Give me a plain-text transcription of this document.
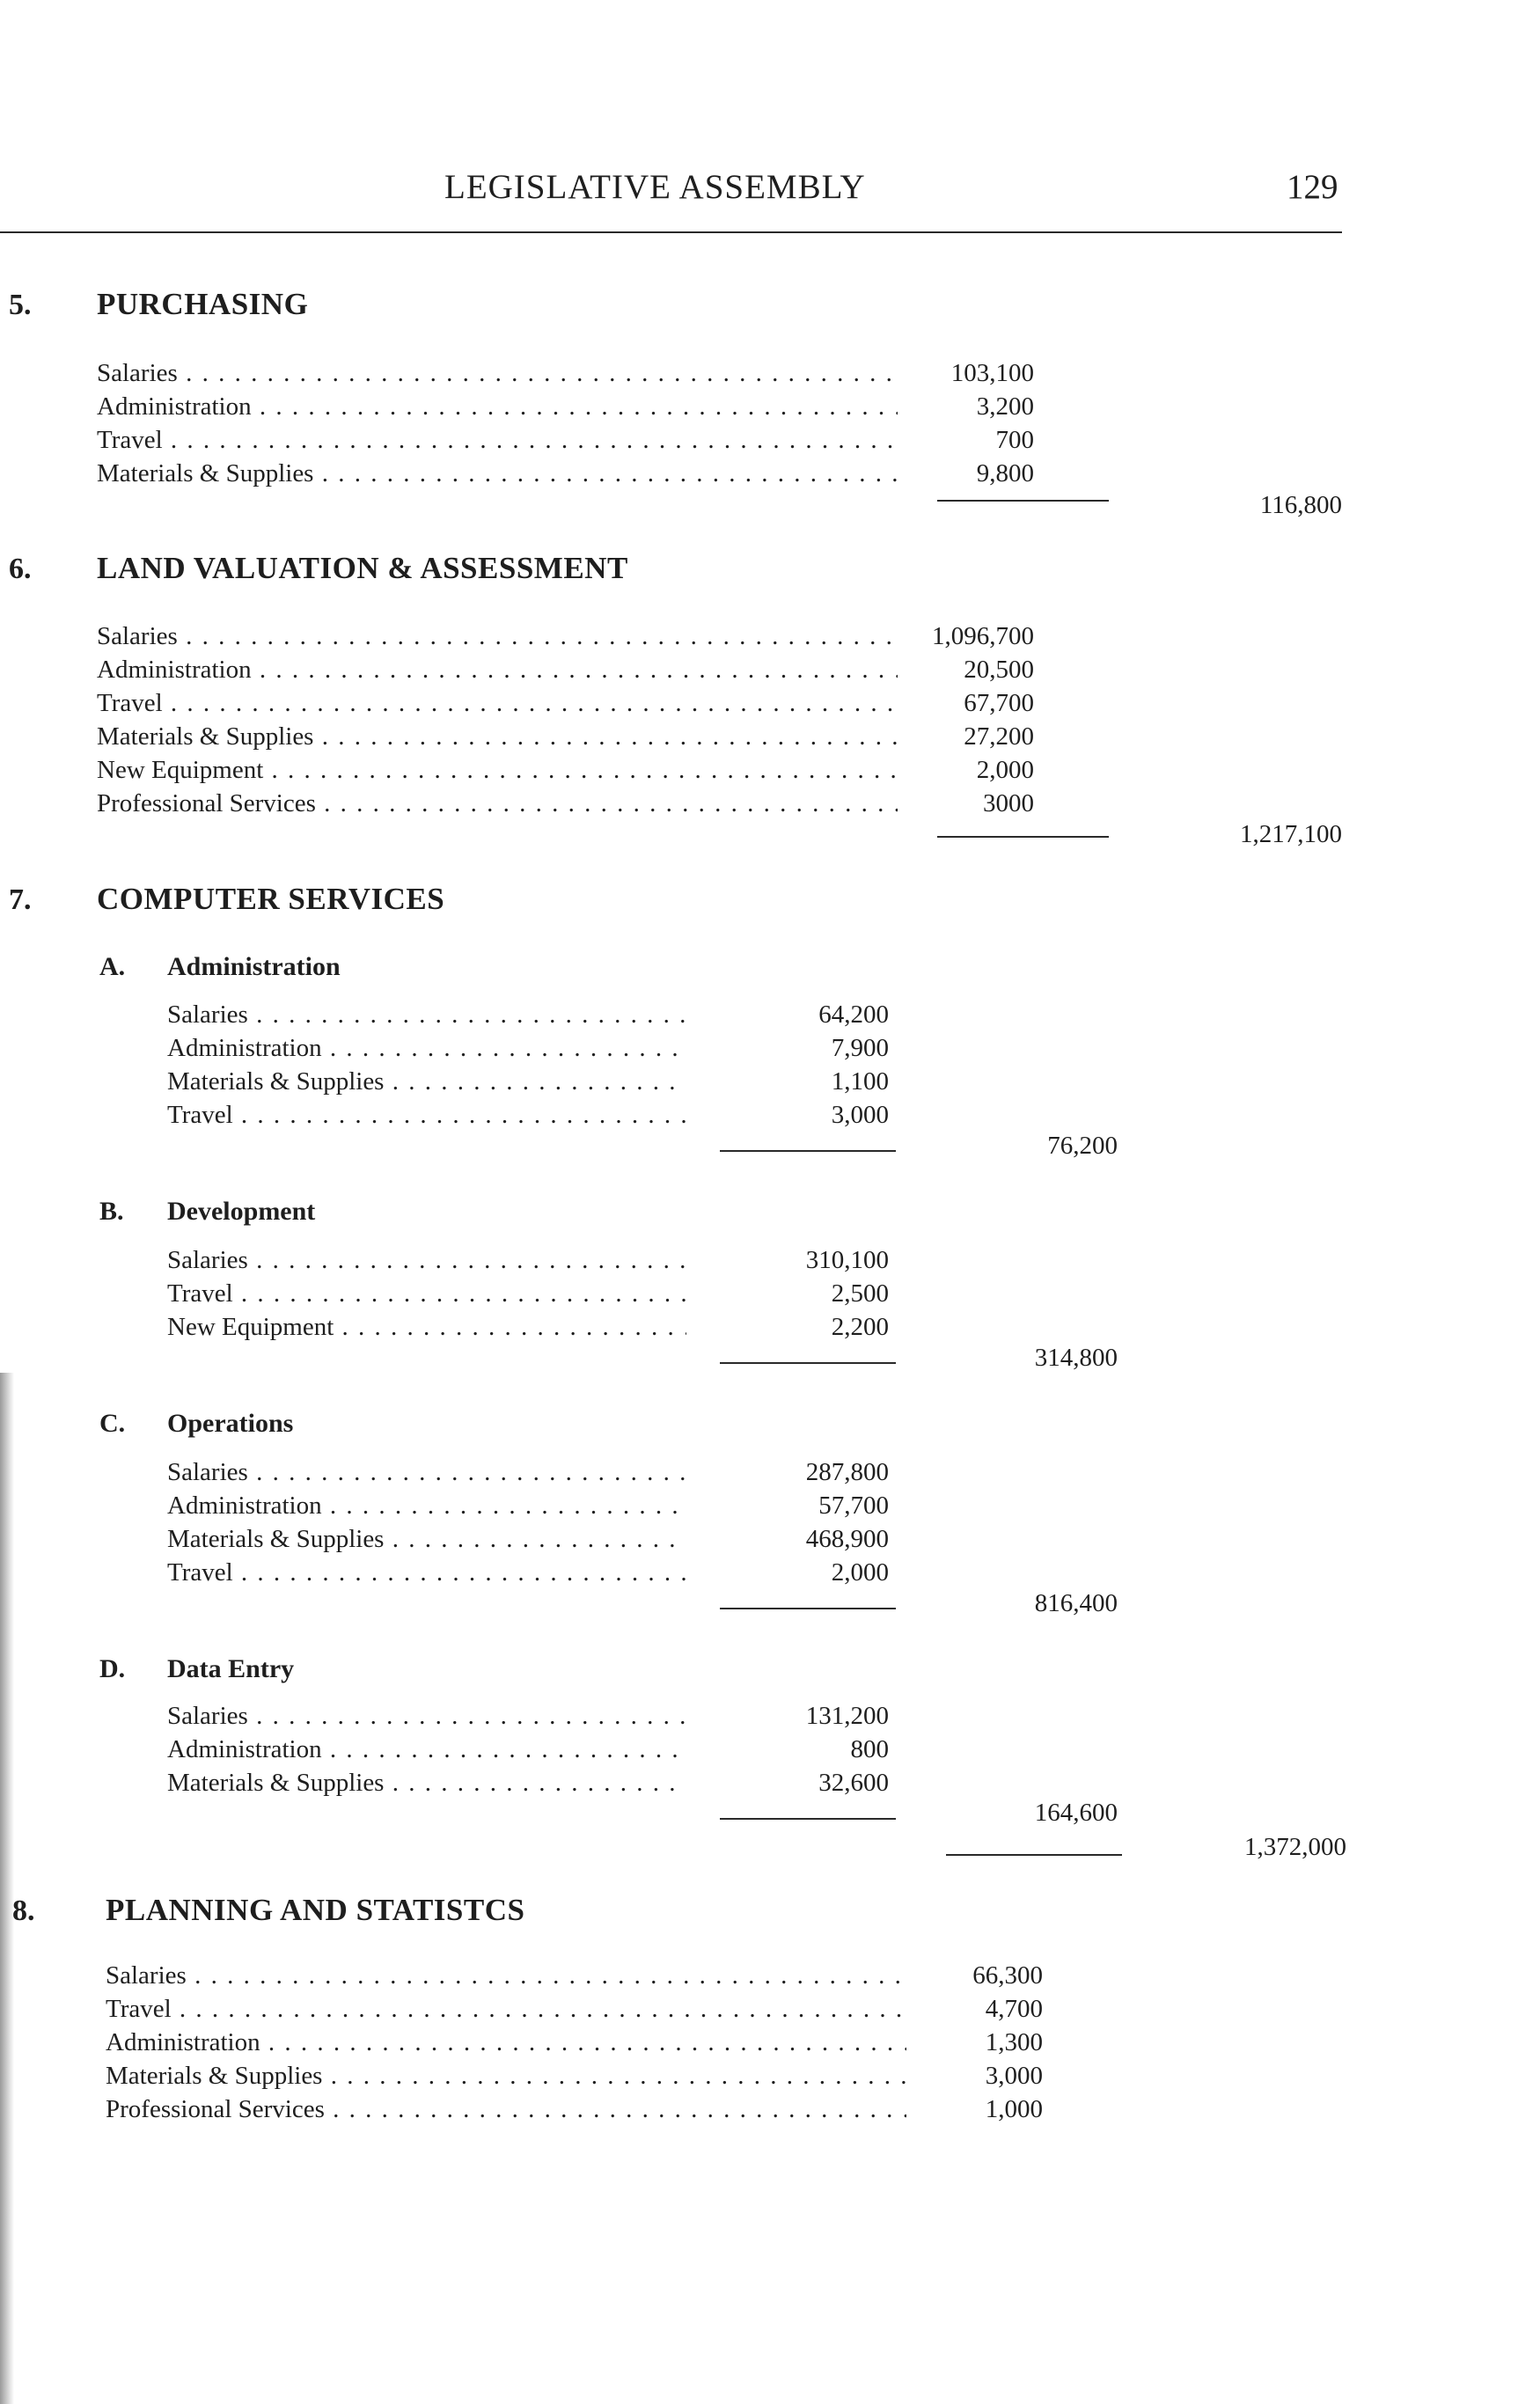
LEGISLATIVE ASSEMBLY	129
5. PURCHASING
Salaries . . .	103,100
Administration . . .	3,200
Travel . . .	700
Materials & Supplies . . .	9,800
116,800
6. LAND VALUATION & ASSESSMENT
Salaries . . .	1,096,700
Administration . . .	20,500
Travel . . .	67,700
Materials & Supplies . . .	27,200
New Equipment . . .	2,000
Professional Services . . .	3000
1,217,100
7. COMPUTER SERVICES
A. Administration
Salaries . . .	64,200
Administration . . .	7,900
Materials & Supplies . . .	1,100
Travel . . .	3,000
76,200
B. Development
Salaries . . .	310,100
Travel . . .	2,500
New Equipment . . .	2,200
314,800
C. Operations
Salaries . . .	287,800
Administration . . .	57,700
Materials & Supplies . . .	468,900
Travel . . .	2,000
816,400
D. Data Entry
Salaries . . .	131,200
Administration . . .	800
Materials & Supplies . . .	32,600
164,600
1,372,000
8. PLANNING AND STATISTCS
Salaries . . .	66,300
Travel . . .	4,700
Administration . . .	1,300
Materials & Supplies . . .	3,000
Professional Services . . .	1,000
